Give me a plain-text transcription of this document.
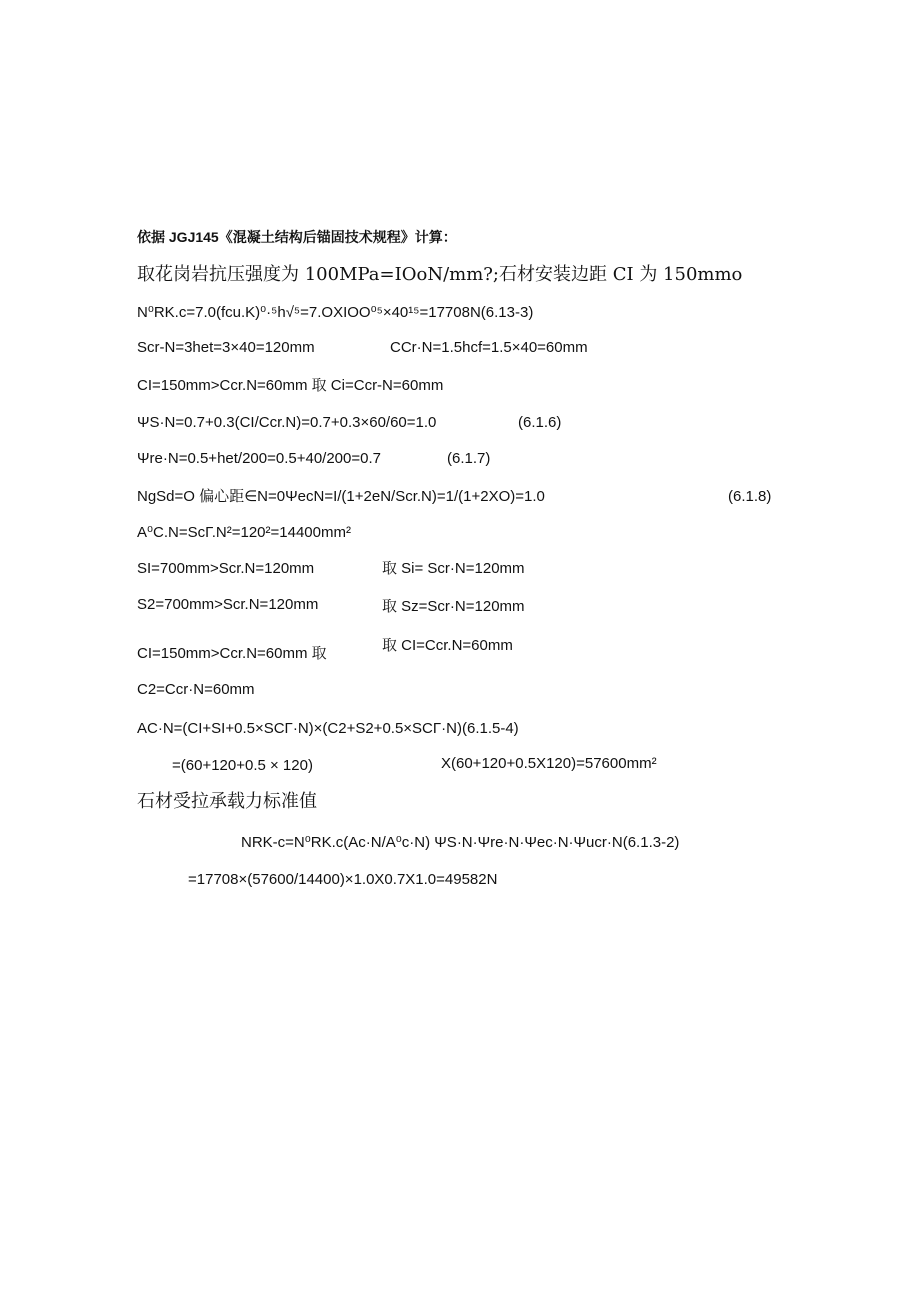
依据 JGJ145《混凝土结构后锚固技术规程》计算：
取花岗岩抗压强度为 100MPa=IOoN/mm?;石材安装边距 CI 为 150mmo
N⁰RK.c=7.0(fcu.K)⁰·⁵h√⁵=7.OXIOO⁰⁵×40¹⁵=17708N(6.13-3)
Scr-N=3het=3×40=120mm	CCr·N=1.5hcf=1.5×40=60mm
CI=150mm>Ccr.N=60mm 取 Ci=Ccr-N=60mm
ΨS·N=0.7+0.3(CI/Ccr.N)=0.7+0.3×60/60=1.0	(6.1.6)
Ψre·N=0.5+het/200=0.5+40/200=0.7	(6.1.7)
NgSd=O 偏心距∈N=0ΨecN=I/(1+2eN/Scr.N)=1/(1+2XO)=1.0	(6.1.8)
A⁰C.N=ScΓ.N²=120²=14400mm²
SI=700mm>Scr.N=120mm	取 Si= Scr·N=120mm
S2=700mm>Scr.N=120mm	取 Sz=Scr·N=120mm
CI=150mm>Ccr.N=60mm 取	取 CI=Ccr.N=60mm
C2=Ccr·N=60mm
AC·N=(CI+SI+0.5×SCΓ·N)×(C2+S2+0.5×SCΓ·N)(6.1.5-4)
=(60+120+0.5 × 120)	X(60+120+0.5X120)=57600mm²
石材受拉承载力标准值
NRK-c=N⁰RK.c(Ac·N/A⁰c·N) ΨS·N·Ψre·N·Ψec·N·Ψucr·N(6.1.3-2)
=17708×(57600/14400)×1.0X0.7X1.0=49582N
